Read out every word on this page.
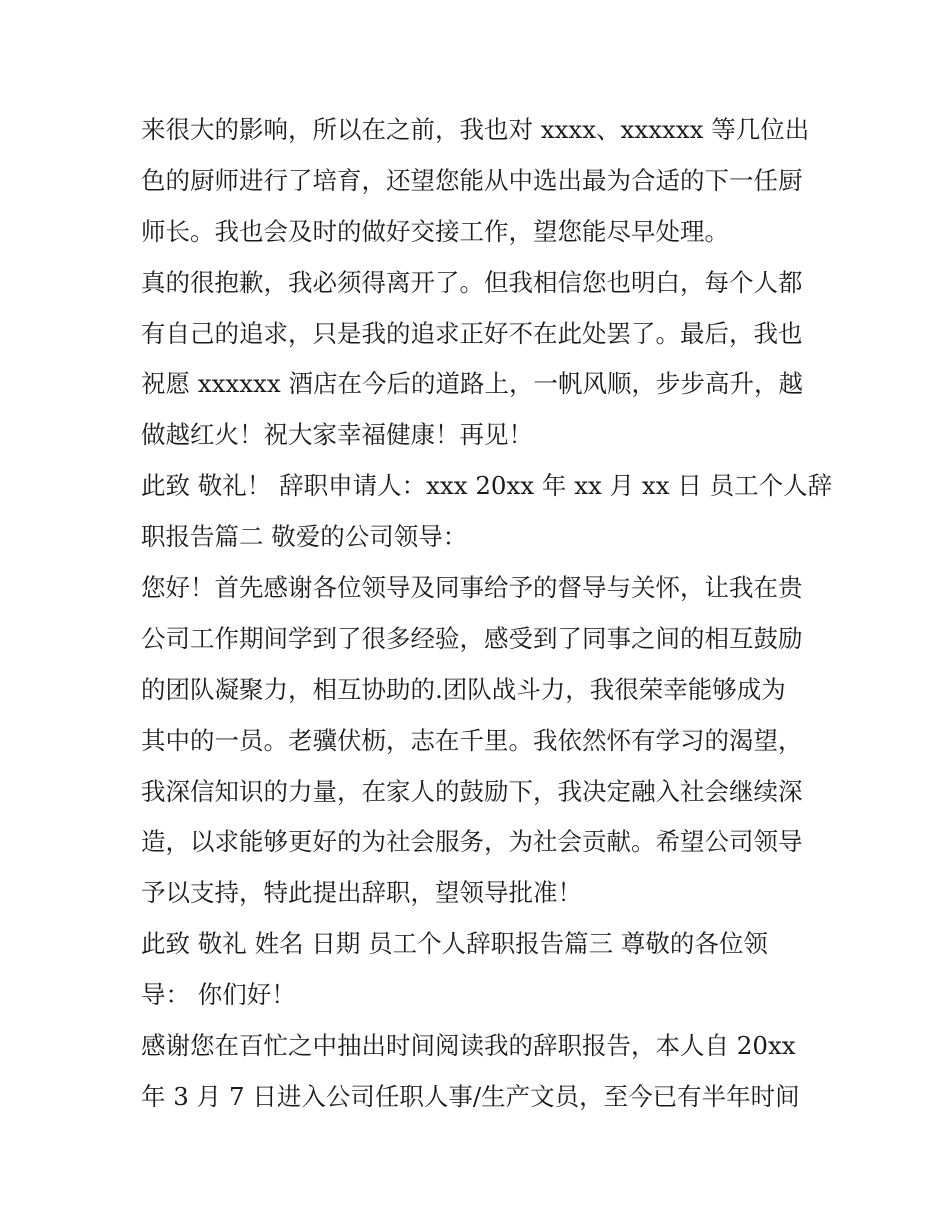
来很大的影响，所以在之前，我也对 xxxx、xxxxxx 等几位出
色的厨师进行了培育，还望您能从中选出最为合适的下一任厨
师长。我也会及时的做好交接工作，望您能尽早处理。
真的很抱歉，我必须得离开了。但我相信您也明白，每个人都
有自己的追求，只是我的追求正好不在此处罢了。最后，我也
祝愿 xxxxxx 酒店在今后的道路上，一帆风顺，步步高升，越
做越红火！祝大家幸福健康！再见！
此致 敬礼！ 辞职申请人：xxx 20xx 年 xx 月 xx 日 员工个人辞
职报告篇二 敬爱的公司领导：
您好！首先感谢各位领导及同事给予的督导与关怀，让我在贵
公司工作期间学到了很多经验，感受到了同事之间的相互鼓励
的团队凝聚力，相互协助的.团队战斗力，我很荣幸能够成为
其中的一员。老骥伏枥，志在千里。我依然怀有学习的渴望，
我深信知识的力量，在家人的鼓励下，我决定融入社会继续深
造，以求能够更好的为社会服务，为社会贡献。希望公司领导
予以支持，特此提出辞职，望领导批准！
此致 敬礼 姓名 日期 员工个人辞职报告篇三 尊敬的各位领
导： 你们好！
感谢您在百忙之中抽出时间阅读我的辞职报告，本人自 20xx
年 3 月 7 日进入公司任职人事/生产文员，至今已有半年时间
